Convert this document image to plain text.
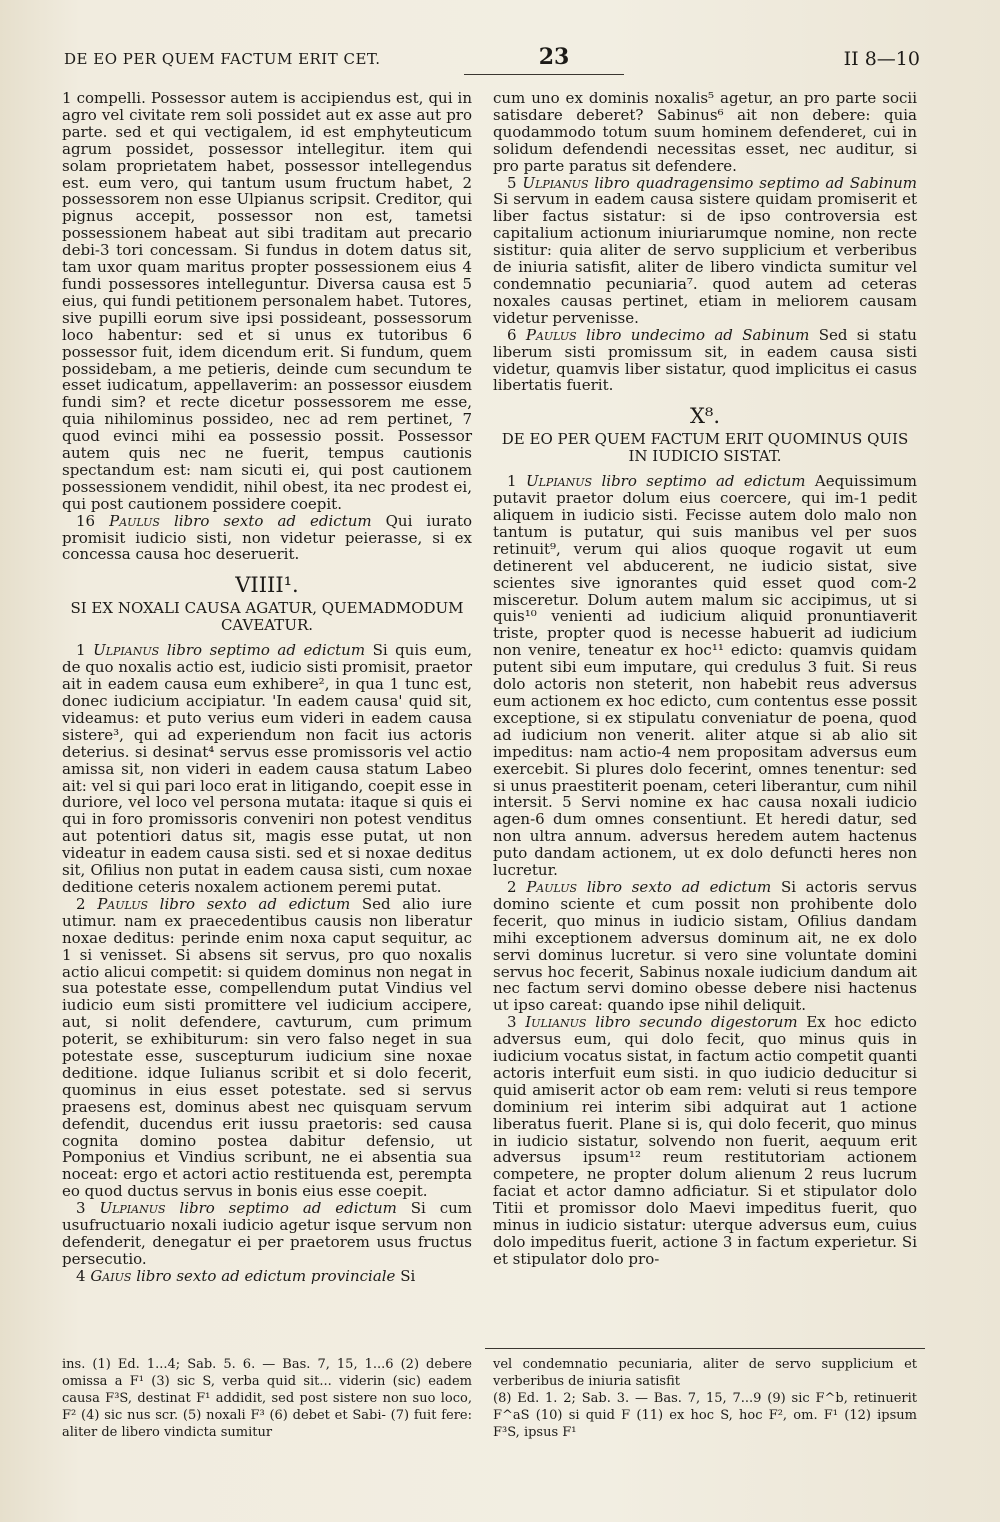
DE EO PER QUEM FACTUM ERIT CET.	23	II 8—10

1 compelli. Possessor autem is accipiendus est, qui in agro vel civitate rem soli possidet aut ex asse aut pro parte. sed et qui vectigalem, id est emphyteuticum agrum possidet, possessor intellegitur. item qui solam proprietatem habet, possessor intellegendus est. eum vero, qui tantum usum fructum habet, 2 possessorem non esse Ulpianus scripsit. Creditor, qui pignus accepit, possessor non est, tametsi possessionem habeat aut sibi traditam aut precario debi-3 tori concessam. Si fundus in dotem datus sit, tam uxor quam maritus propter possessionem eius 4 fundi possessores intelleguntur. Diversa causa est 5 eius, qui fundi petitionem personalem habet. Tutores, sive pupilli eorum sive ipsi possideant, possessorum loco habentur: sed et si unus ex tutoribus 6 possessor fuit, idem dicendum erit. Si fundum, quem possidebam, a me petieris, deinde cum secundum te esset iudicatum, appellaverim: an possessor eiusdem fundi sim? et recte dicetur possessorem me esse, quia nihilominus possideo, nec ad rem pertinet, 7 quod evinci mihi ea possessio possit. Possessor autem quis nec ne fuerit, tempus cautionis spectandum est: nam sicuti ei, qui post cautionem possessionem vendidit, nihil obest, ita nec prodest ei, qui post cautionem possidere coepit.

16 Paulus libro sexto ad edictum Qui iurato promisit iudicio sisti, non videtur peierasse, si ex concessa causa hoc deseruerit.

VIIII¹.
SI EX NOXALI CAUSA AGATUR, QUEMADMODUM CAVEATUR.

1 Ulpianus libro septimo ad edictum Si quis eum, de quo noxalis actio est, iudicio sisti promisit, praetor ait in eadem causa eum exhibere², in qua 1 tunc est, donec iudicium accipiatur. 'In eadem causa' quid sit, videamus: et puto verius eum videri in eadem causa sistere³, qui ad experiendum non facit ius actoris deterius. si desinat⁴ servus esse promissoris vel actio amissa sit, non videri in eadem causa statum Labeo ait: vel si qui pari loco erat in litigando, coepit esse in duriore, vel loco vel persona mutata: itaque si quis ei qui in foro promissoris conveniri non potest venditus aut potentiori datus sit, magis esse putat, ut non videatur in eadem causa sisti. sed et si noxae deditus sit, Ofilius non putat in eadem causa sisti, cum noxae deditione ceteris noxalem actionem peremi putat.

2 Paulus libro sexto ad edictum Sed alio iure utimur. nam ex praecedentibus causis non liberatur noxae deditus: perinde enim noxa caput sequitur, ac 1 si venisset. Si absens sit servus, pro quo noxalis actio alicui competit: si quidem dominus non negat in sua potestate esse, compellendum putat Vindius vel iudicio eum sisti promittere vel iudicium accipere, aut, si nolit defendere, cavturum, cum primum poterit, se exhibiturum: sin vero falso neget in sua potestate esse, suscepturum iudicium sine noxae deditione. idque Iulianus scribit et si dolo fecerit, quominus in eius esset potestate. sed si servus praesens est, dominus abest nec quisquam servum defendit, ducendus erit iussu praetoris: sed causa cognita domino postea dabitur defensio, ut Pomponius et Vindius scribunt, ne ei absentia sua noceat: ergo et actori actio restituenda est, perempta eo quod ductus servus in bonis eius esse coepit.

3 Ulpianus libro septimo ad edictum Si cum usufructuario noxali iudicio agetur isque servum non defenderit, denegatur ei per praetorem usus fructus persecutio.

4 Gaius libro sexto ad edictum provinciale Si

cum uno ex dominis noxalis⁵ agetur, an pro parte socii satisdare deberet? Sabinus⁶ ait non debere: quia quodammodo totum suum hominem defenderet, cui in solidum defendendi necessitas esset, nec auditur, si pro parte paratus sit defendere.

5 Ulpianus libro quadragensimo septimo ad Sabinum Si servum in eadem causa sistere quidam promiserit et liber factus sistatur: si de ipso controversia est capitalium actionum iniuriarumque nomine, non recte sistitur: quia aliter de servo supplicium et verberibus de iniuria satisfit, aliter de libero vindicta sumitur vel condemnatio pecuniaria⁷. quod autem ad ceteras noxales causas pertinet, etiam in meliorem causam videtur pervenisse.

6 Paulus libro undecimo ad Sabinum Sed si statu liberum sisti promissum sit, in eadem causa sisti videtur, quamvis liber sistatur, quod implicitus ei casus libertatis fuerit.

X⁸.
DE EO PER QUEM FACTUM ERIT QUOMINUS QUIS IN IUDICIO SISTAT.

1 Ulpianus libro septimo ad edictum Aequissimum putavit praetor dolum eius coercere, qui im-1 pedit aliquem in iudicio sisti. Fecisse autem dolo malo non tantum is putatur, qui suis manibus vel per suos retinuit⁹, verum qui alios quoque rogavit ut eum detinerent vel abducerent, ne iudicio sistat, sive scientes sive ignorantes quid esset quod com-2 misceretur. Dolum autem malum sic accipimus, ut si quis¹⁰ venienti ad iudicium aliquid pronuntiaverit triste, propter quod is necesse habuerit ad iudicium non venire, teneatur ex hoc¹¹ edicto: quamvis quidam putent sibi eum imputare, qui credulus 3 fuit. Si reus dolo actoris non steterit, non habebit reus adversus eum actionem ex hoc edicto, cum contentus esse possit exceptione, si ex stipulatu conveniatur de poena, quod ad iudicium non venerit. aliter atque si ab alio sit impeditus: nam actio-4 nem propositam adversus eum exercebit. Si plures dolo fecerint, omnes tenentur: sed si unus praestiterit poenam, ceteri liberantur, cum nihil intersit. 5 Servi nomine ex hac causa noxali iudicio agen-6 dum omnes consentiunt. Et heredi datur, sed non ultra annum. adversus heredem autem hactenus puto dandam actionem, ut ex dolo defuncti heres non lucretur.

2 Paulus libro sexto ad edictum Si actoris servus domino sciente et cum possit non prohibente dolo fecerit, quo minus in iudicio sistam, Ofilius dandam mihi exceptionem adversus dominum ait, ne ex dolo servi dominus lucretur. si vero sine voluntate domini servus hoc fecerit, Sabinus noxale iudicium dandum ait nec factum servi domino obesse debere nisi hactenus ut ipso careat: quando ipse nihil deliquit.

3 Iulianus libro secundo digestorum Ex hoc edicto adversus eum, qui dolo fecit, quo minus quis in iudicium vocatus sistat, in factum actio competit quanti actoris interfuit eum sisti. in quo iudicio deducitur si quid amiserit actor ob eam rem: veluti si reus tempore dominium rei interim sibi adquirat aut 1 actione liberatus fuerit. Plane si is, qui dolo fecerit, quo minus in iudicio sistatur, solvendo non fuerit, aequum erit adversus ipsum¹² reum restitutoriam actionem competere, ne propter dolum alienum 2 reus lucrum faciat et actor damno adficiatur. Si et stipulator dolo Titii et promissor dolo Maevi impeditus fuerit, quo minus in iudicio sistatur: uterque adversus eum, cuius dolo impeditus fuerit, actione 3 in factum experietur. Si et stipulator dolo pro-

ins. (1) Ed. 1...4; Sab. 5. 6. — Bas. 7, 15, 1...6 (2) debere omissa a F¹ (3) sic S, verba quid sit... viderin (sic) eadem causa F³S, destinat F¹ addidit, sed post sistere non suo loco, F² (4) sic nus scr. (5) noxali F³ (6) debet et Sabi- (7) fuit fere: aliter de libero vindicta sumitur

vel condemnatio pecuniaria, aliter de servo supplicium et verberibus de iniuria satisfit

(8) Ed. 1. 2; Sab. 3. — Bas. 7, 15, 7...9 (9) sic F^b, retinuerit F^aS (10) si quid F (11) ex hoc S, hoc F², om. F¹ (12) ipsum F³S, ipsus F¹
